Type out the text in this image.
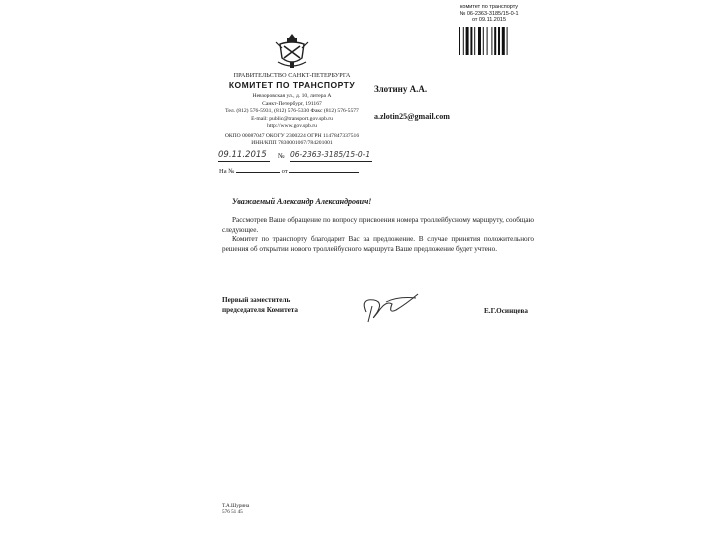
комитет по транспорту
№ 06-2363-3185/15-0-1
от 09.11.2015
ПРАВИТЕЛЬСТВО САНКТ-ПЕТЕРБУРГА
КОМИТЕТ ПО ТРАНСПОРТУ
Невзоровская ул., д. 10, литера А
Санкт-Петербург, 191167
Тел. (812) 576-5931, (812) 576-5330 Факс (812) 576-5577
E-mail: public@transport.gov.spb.ru
http://www.gov.spb.ru
ОКПО 00087047 ОКОГУ 2300224 ОГРН 1147847337516
ИНН/КПП 7830001067/784201001
Злотину А.А.
a.zlotin25@gmail.com
09.11.2015 № 06-2363-3185/15-0-1
На №	от
Уважаемый Александр Александрович!

Рассмотрев Ваше обращение по вопросу присвоения номера троллейбусному маршруту, сообщаю следующее.

Комитет по транспорту благодарит Вас за предложение. В случае принятия положительного решения об открытии нового троллейбусного маршрута Ваше предложение будет учтено.

Первый заместитель
председателя Комитета	Е.Г.Осинцева
Т.А.Шурина
576 51 45
